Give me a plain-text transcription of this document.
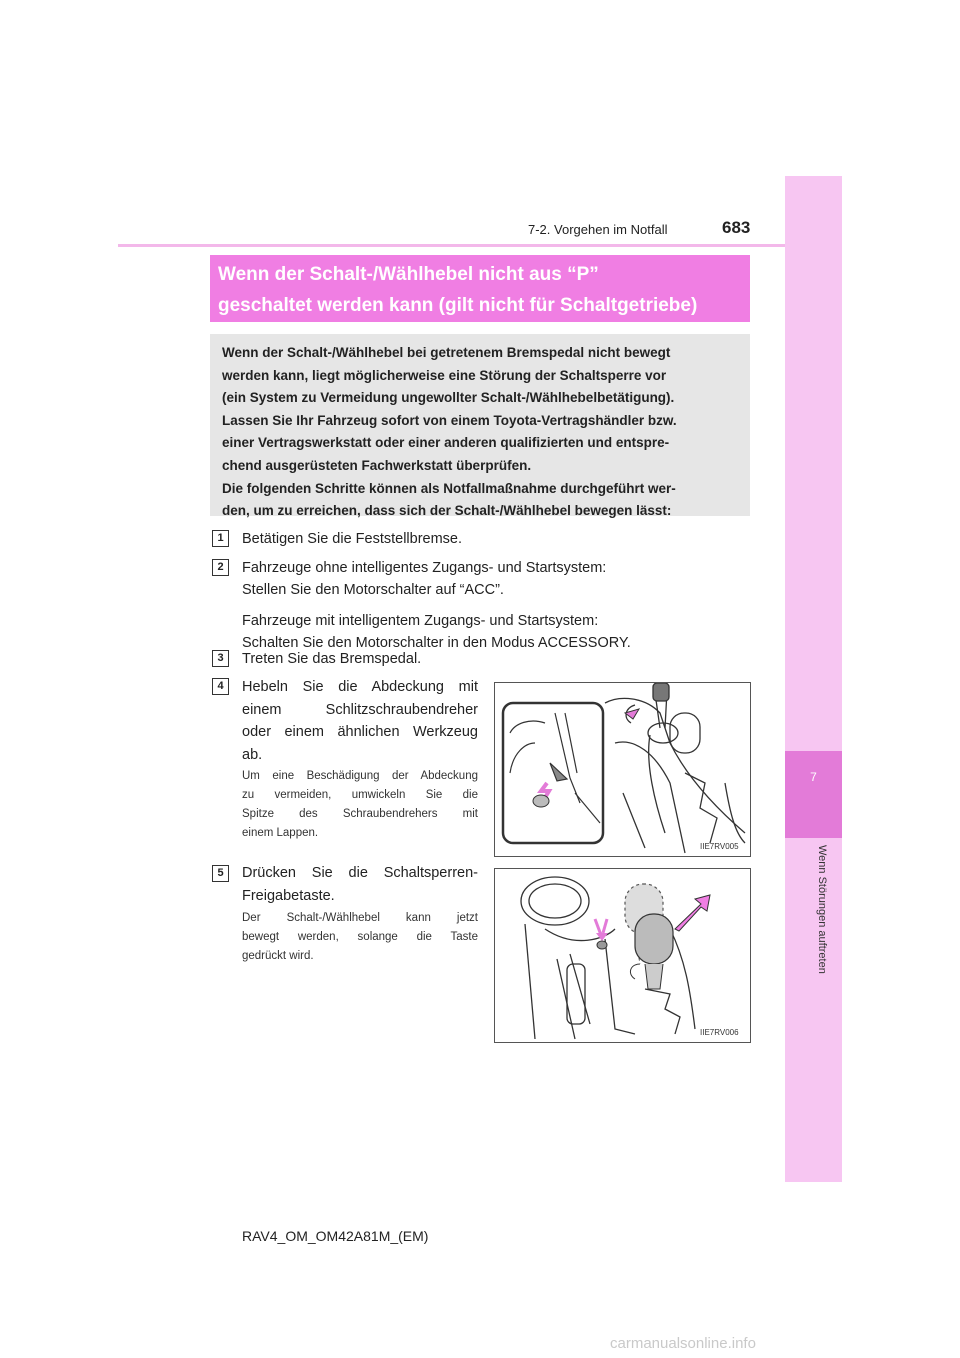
7
Wenn Störungen auftreten
7-2. Vorgehen im Notfall	683
Wenn der Schalt-/Wählhebel nicht aus “P”
geschaltet werden kann (gilt nicht für Schaltgetriebe)
Wenn der Schalt-/Wählhebel bei getretenem Bremspedal nicht bewegt
werden kann, liegt möglicherweise eine Störung der Schaltsperre vor
(ein System zu Vermeidung ungewollter Schalt-/Wählhebelbetätigung).
Lassen Sie Ihr Fahrzeug sofort von einem Toyota-Vertragshändler bzw.
einer Vertragswerkstatt oder einer anderen qualifizierten und entspre-
chend ausgerüsteten Fachwerkstatt überprüfen.
Die folgenden Schritte können als Notfallmaßnahme durchgeführt wer-
den, um zu erreichen, dass sich der Schalt-/Wählhebel bewegen lässt:
1	Betätigen Sie die Feststellbremse.
2	Fahrzeuge ohne intelligentes Zugangs- und Startsystem:
Stellen Sie den Motorschalter auf “ACC”.
Fahrzeuge mit intelligentem Zugangs- und Startsystem:
Schalten Sie den Motorschalter in den Modus ACCESSORY.
3	Treten Sie das Bremspedal.
4	Hebeln Sie die Abdeckung mit
einem Schlitzschraubendreher
oder einem ähnlichen Werkzeug
ab.
Um eine Beschädigung der Abdeckung
zu vermeiden, umwickeln Sie die
Spitze des Schraubendrehers mit
einem Lappen.
IIE7RV005
5	Drücken Sie die Schaltsperren-
Freigabetaste.
Der Schalt-/Wählhebel kann jetzt
bewegt werden, solange die Taste
gedrückt wird.
IIE7RV006
RAV4_OM_OM42A81M_(EM)
carmanualsonline.info
